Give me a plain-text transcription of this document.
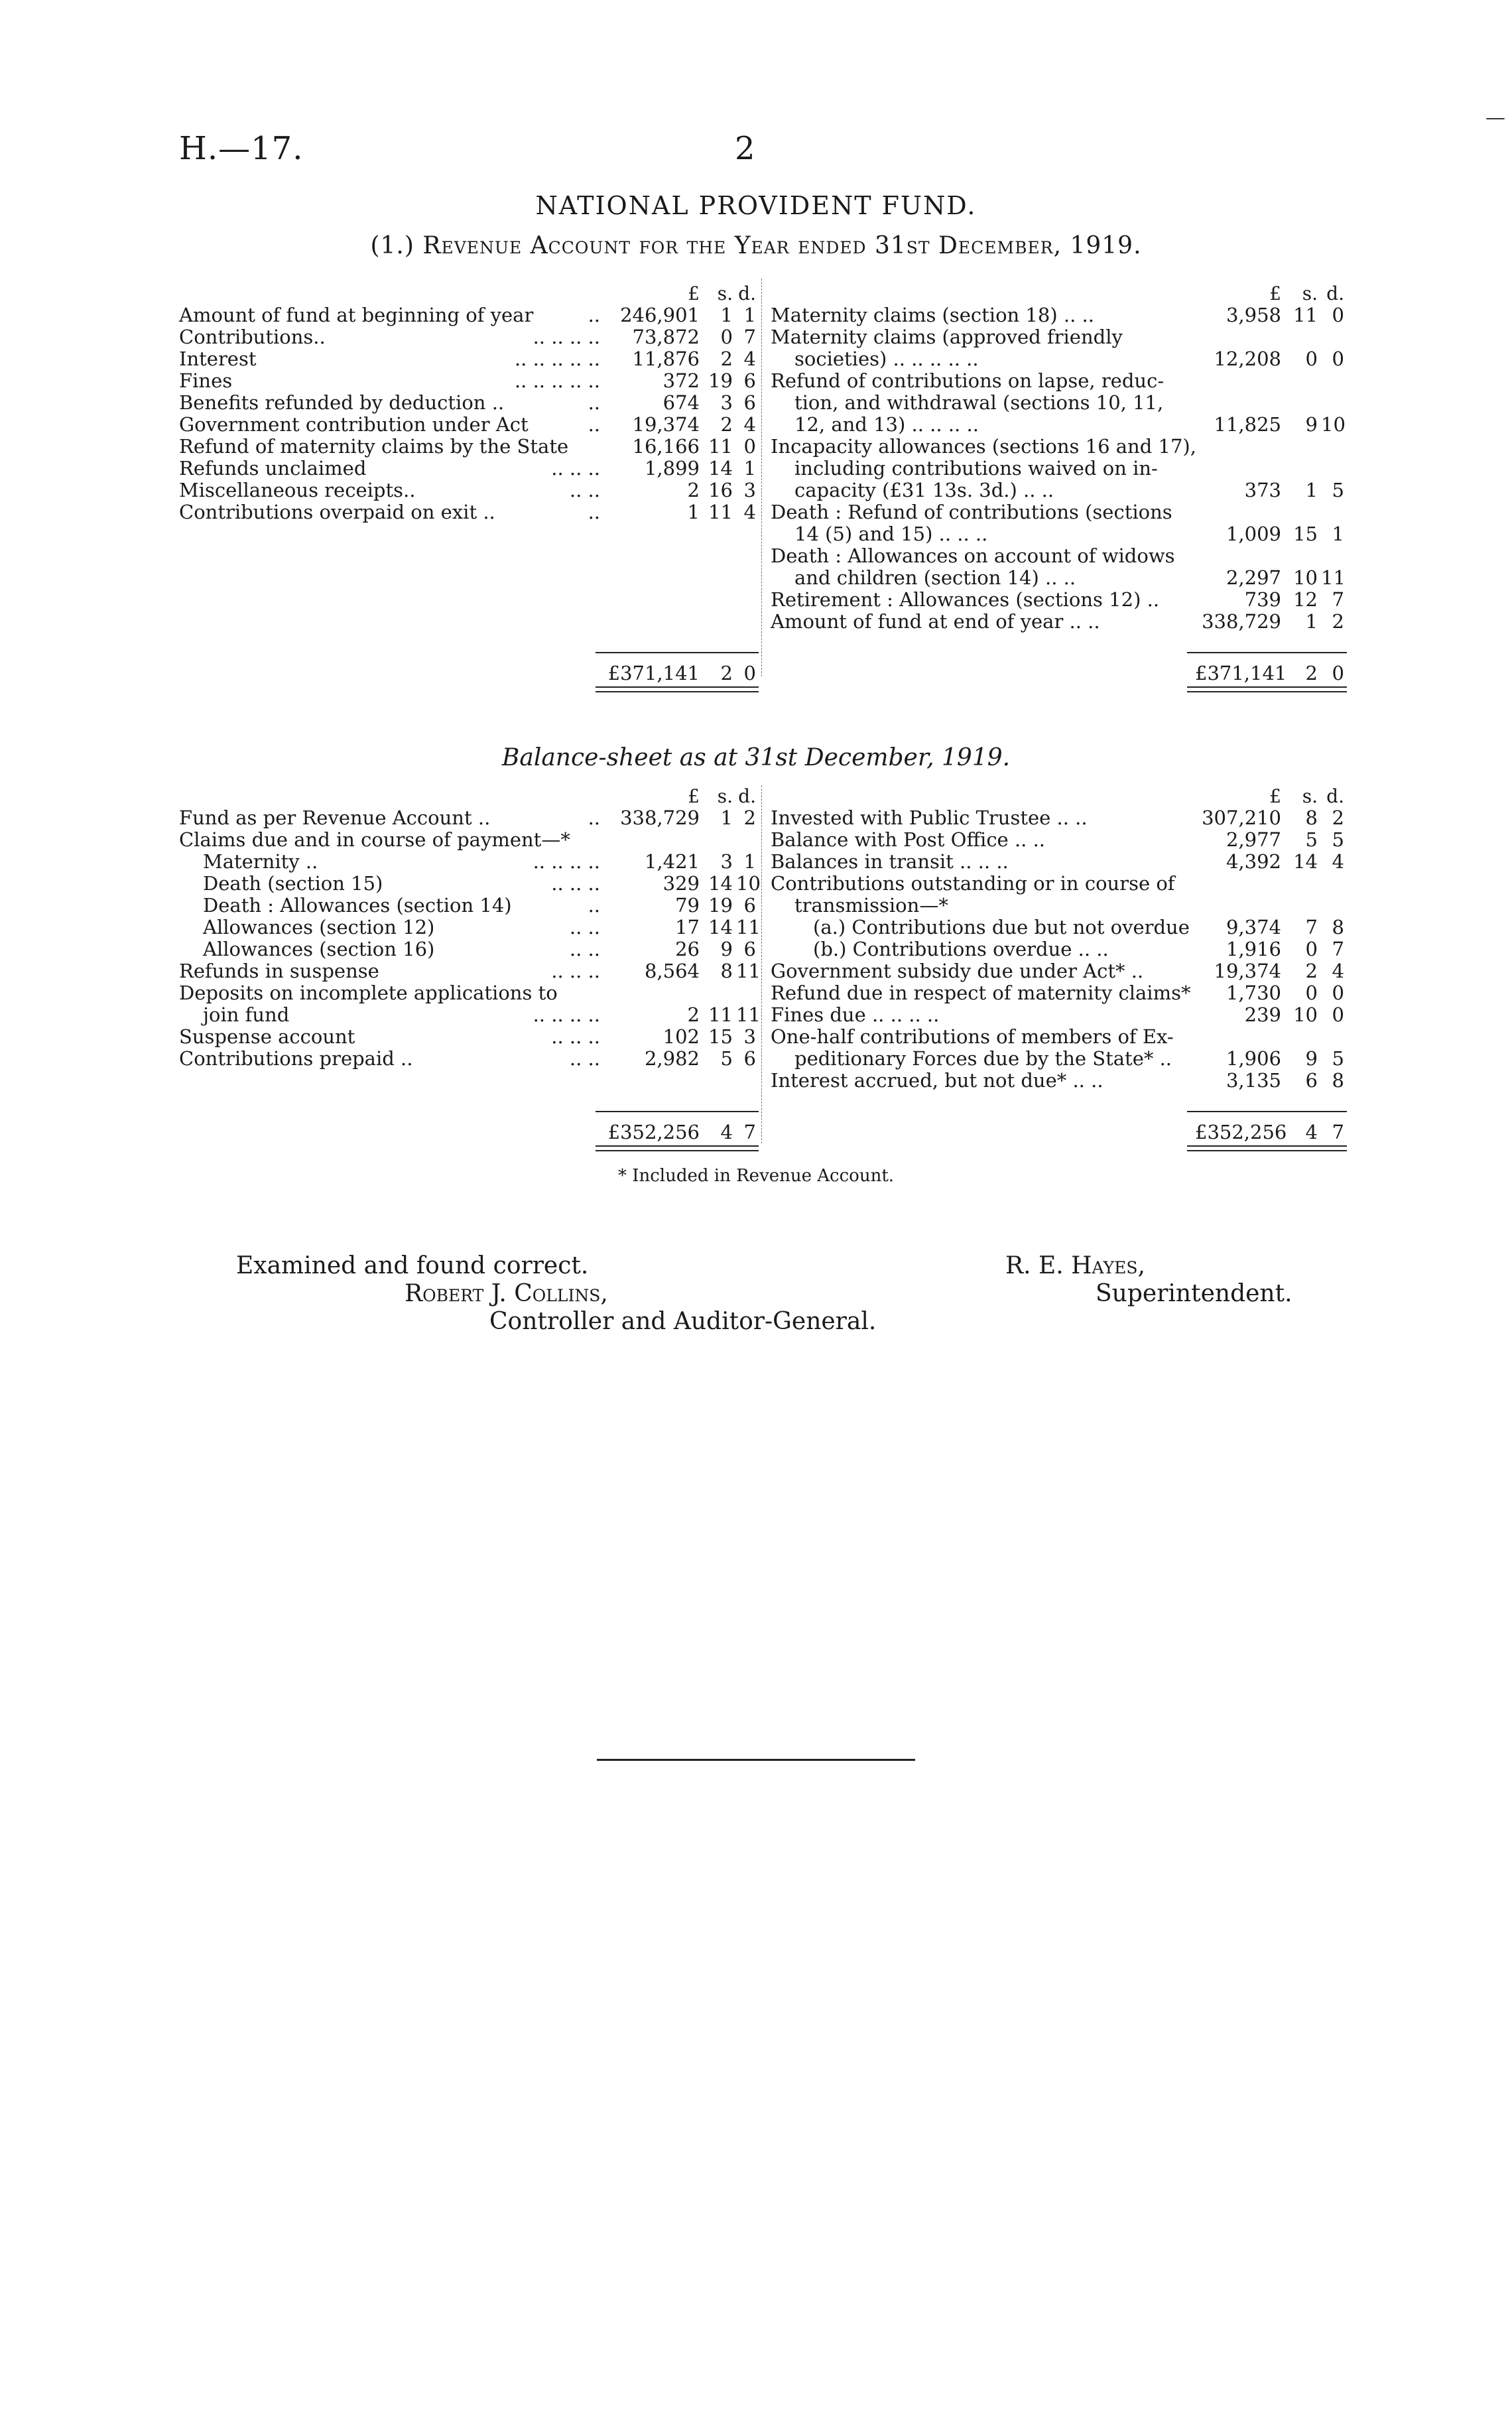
H.—17.	2
—
NATIONAL PROVIDENT FUND.
(1.) Revenue Account for the Year ended 31st December, 1919.
£ s. d.
Amount of fund at beginning of year	..	246,901	1 1
Contributions..	.. .. .. ..	73,872	0 7
Interest	.. .. .. .. ..	11,876	2 4
Fines	.. .. .. .. ..	372 19 6
Benefits refunded by deduction ..	..	674	3 6
Government contribution under Act	..	19,374	2 4
Refund of maternity claims by the State	16,166 11 0
Refunds unclaimed	.. .. ..	1,899 14 1
Miscellaneous receipts..	.. ..	2 16 3
Contributions overpaid on exit ..	..	1 11 4
£371,141	2 0
£	s. d.
Maternity claims (section 18) .. ..	3,958 11 0
Maternity claims (approved friendly
societies) .. .. .. .. ..	12,208	0 0
Refund of contributions on lapse, reduc-
tion, and withdrawal (sections 10, 11,
12, and 13) .. .. .. ..	11,825	9 10
Incapacity allowances (sections 16 and 17),
including contributions waived on in-
capacity (£31 13s. 3d.) .. ..	373	1 5
Death : Refund of contributions (sections
14 (5) and 15) .. .. ..	1,009 15 1
Death : Allowances on account of widows
and children (section 14) .. ..	2,297 10 11
Retirement : Allowances (sections 12) ..	739 12 7
Amount of fund at end of year .. ..	338,729	1 2
£371,141 2 0
Balance-sheet as at 31st December, 1919.
£ s. d.
Fund as per Revenue Account ..	..	338,729	1 2
Claims due and in course of payment—*
Maternity ..	.. .. .. ..	1,421	3 1
Death (section 15)	.. .. ..	329 14 10
Death : Allowances (section 14)	..	79 19 6
Allowances (section 12)	.. ..	17 14 11
Allowances (section 16)	.. ..	26	9 6
Refunds in suspense	.. .. ..	8,564	8 11
Deposits on incomplete applications to
join fund	.. .. .. ..	2 11 11
Suspense account	.. .. ..	102 15 3
Contributions prepaid ..	.. ..	2,982	5 6
£352,256	4 7
£	s. d.
Invested with Public Trustee .. ..	307,210	8 2
Balance with Post Office .. ..	2,977	5 5
Balances in transit .. .. ..	4,392 14 4
Contributions outstanding or in course of
transmission—*
(a.) Contributions due but not overdue	9,374	7 8
(b.) Contributions overdue .. ..	1,916	0 7
Government subsidy due under Act* ..	19,374	2 4
Refund due in respect of maternity claims*	1,730	0 0
Fines due .. .. .. ..	239 10 0
One-half contributions of members of Ex-
peditionary Forces due by the State* ..	1,906	9 5
Interest accrued, but not due* .. ..	3,135	6 8
£352,256 4 7
* Included in Revenue Account.
Examined and found correct.
Robert J. Collins,
Controller and Auditor-General.
R. E. Hayes,
Superintendent.
